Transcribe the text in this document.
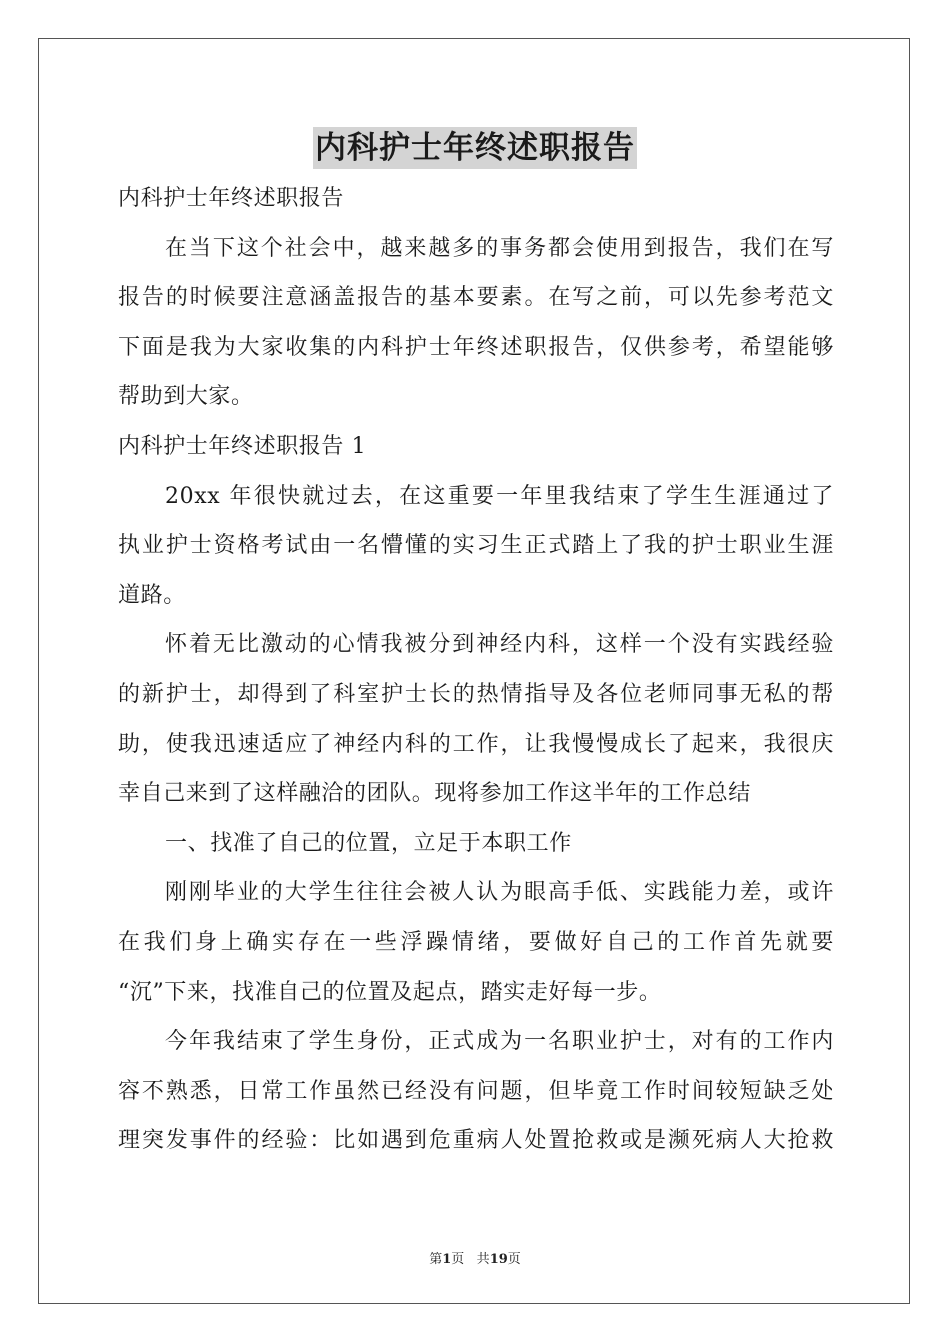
内科护士年终述职报告
内科护士年终述职报告
在当下这个社会中，越来越多的事务都会使用到报告，我们在写
报告的时候要注意涵盖报告的基本要素。在写之前，可以先参考范文
下面是我为大家收集的内科护士年终述职报告，仅供参考，希望能够
帮助到大家。
内科护士年终述职报告 1
20xx 年很快就过去，在这重要一年里我结束了学生生涯通过了
执业护士资格考试由一名懵懂的实习生正式踏上了我的护士职业生涯
道路。
怀着无比激动的心情我被分到神经内科，这样一个没有实践经验
的新护士，却得到了科室护士长的热情指导及各位老师同事无私的帮
助，使我迅速适应了神经内科的工作，让我慢慢成长了起来，我很庆
幸自己来到了这样融洽的团队。现将参加工作这半年的工作总结
一、找准了自己的位置，立足于本职工作
刚刚毕业的大学生往往会被人认为眼高手低、实践能力差，或许
在我们身上确实存在一些浮躁情绪，要做好自己的工作首先就要
“沉”下来，找准自己的位置及起点，踏实走好每一步。
今年我结束了学生身份，正式成为一名职业护士，对有的工作内
容不熟悉，日常工作虽然已经没有问题，但毕竟工作时间较短缺乏处
理突发事件的经验：比如遇到危重病人处置抢救或是濒死病人大抢救
第1页 共19页
